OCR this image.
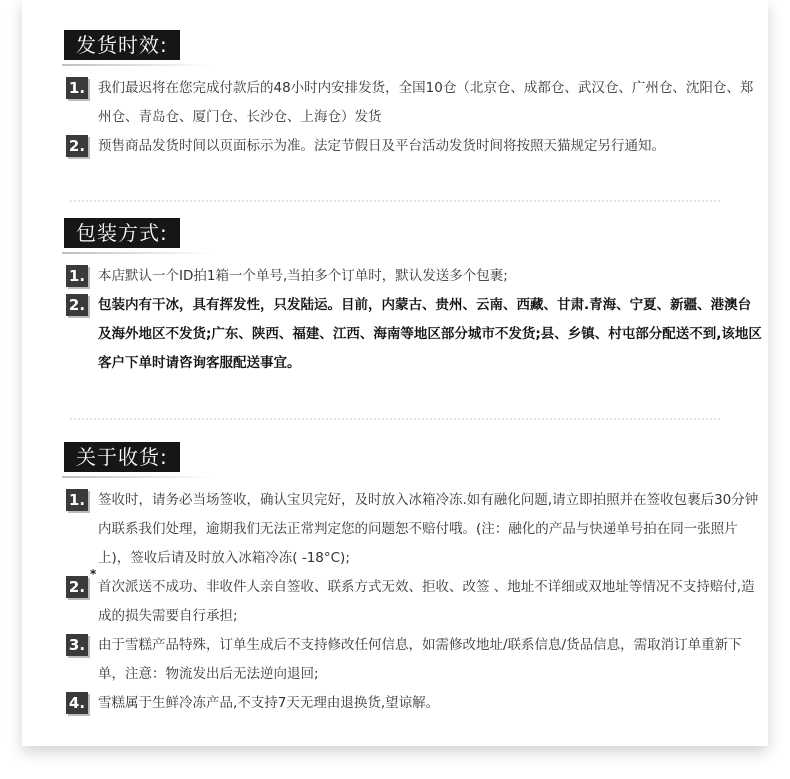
发货时效:
1. 我们最迟将在您完成付款后的48小时内安排发货，全国10仓（北京仓、成都仓、武汉仓、广州仓、沈阳仓、郑州仓、青岛仓、厦门仓、长沙仓、上海仓）发货
2. 预售商品发货时间以页面标示为准。法定节假日及平台活动发货时间将按照天猫规定另行通知。
包装方式:
1. 本店默认一个ID拍1箱一个单号,当拍多个订单时，默认发送多个包裹;
2. 包装内有干冰，具有挥发性，只发陆运。目前，内蒙古、贵州、云南、西藏、甘肃.青海、宁夏、新疆、港澳台及海外地区不发货;广东、陕西、福建、江西、海南等地区部分城市不发货;县、乡镇、村屯部分配送不到,该地区客户下单时请咨询客服配送事宜。
关于收货:
1. 签收时，请务必当场签收，确认宝贝完好，及时放入冰箱冷冻.如有融化问题,请立即拍照并在签收包裹后30分钟内联系我们处理，逾期我们无法正常判定您的问题恕不赔付哦。(注：融化的产品与快递单号拍在同一张照片上)，签收后请及时放入冰箱冷冻( -18°C);
*
2. 首次派送不成功、非收件人亲自签收、联系方式无效、拒收、改签 、地址不详细或双地址等情况不支持赔付,造成的损失需要自行承担;
3. 由于雪糕产品特殊，订单生成后不支持修改任何信息，如需修改地址/联系信息/货品信息，需取消订单重新下单，注意：物流发出后无法逆向退回;
4. 雪糕属于生鲜冷冻产品,不支持7天无理由退换货,望谅解。
